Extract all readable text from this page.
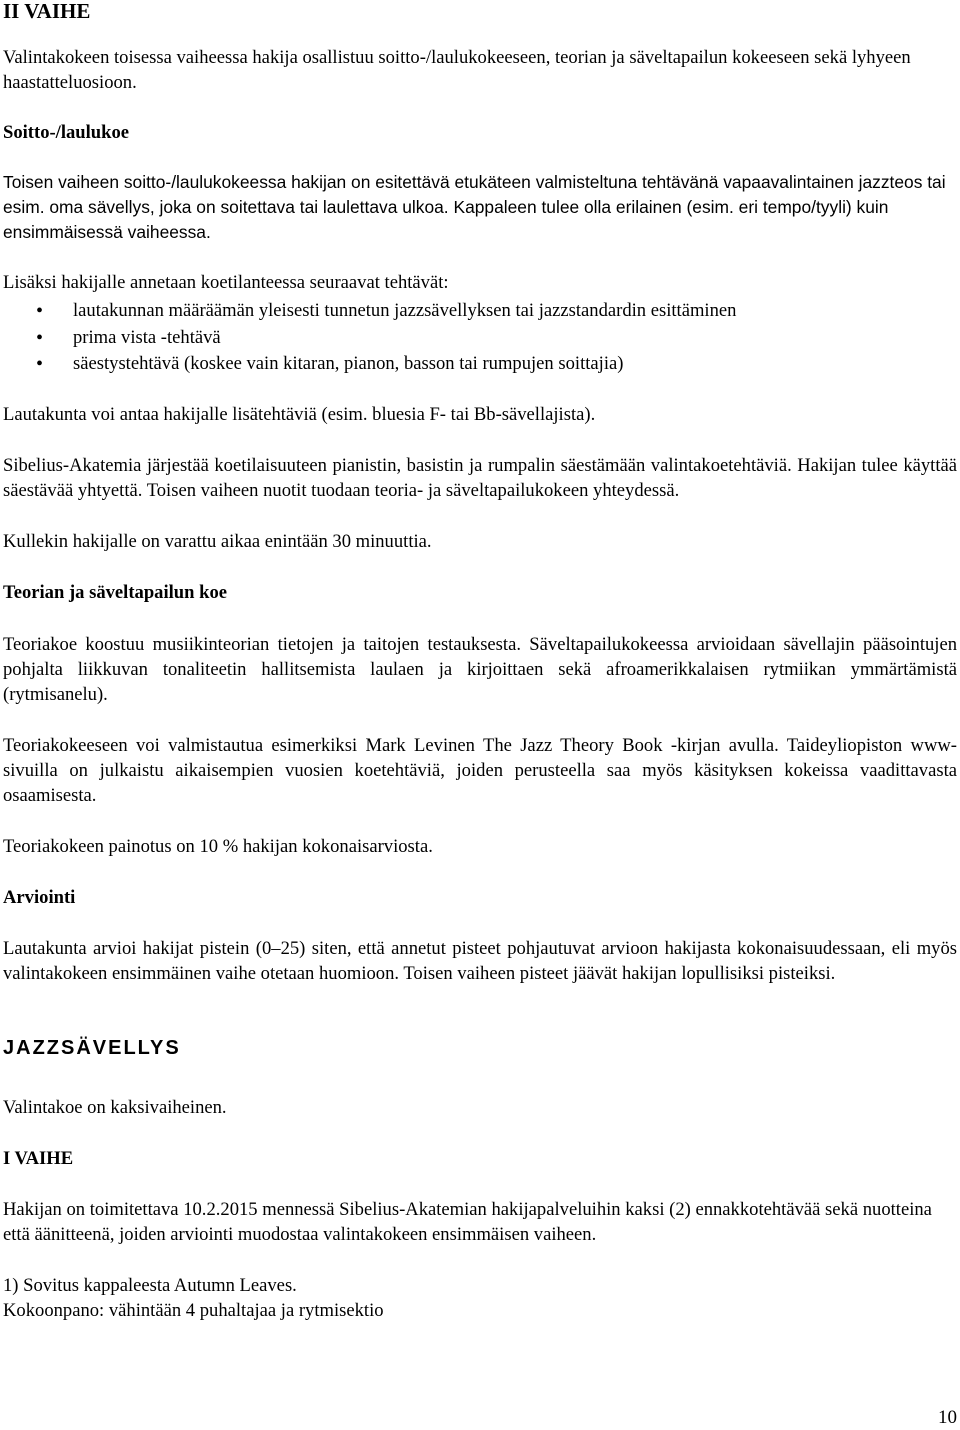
II VAIHE

Valintakokeen toisessa vaiheessa hakija osallistuu soitto-/laulukokeeseen, teorian ja säveltapailun kokeeseen sekä lyhyeen haastatteluosioon.

Soitto-/laulukoe

Toisen vaiheen soitto-/laulukokeessa hakijan on esitettävä etukäteen valmisteltuna tehtävänä vapaavalintainen jazzteos tai esim. oma sävellys, joka on soitettava tai laulettava ulkoa. Kappaleen tulee olla erilainen (esim. eri tempo/tyyli) kuin ensimmäisessä vaiheessa.

Lisäksi hakijalle annetaan koetilanteessa seuraavat tehtävät:

• lautakunnan määräämän yleisesti tunnetun jazzsävellyksen tai jazzstandardin esittäminen
• prima vista -tehtävä
• säestystehtävä (koskee vain kitaran, pianon, basson tai rumpujen soittajia)

Lautakunta voi antaa hakijalle lisätehtäviä (esim. bluesia F- tai Bb-sävellajista).

Sibelius-Akatemia järjestää koetilaisuuteen pianistin, basistin ja rumpalin säestämään valintakoetehtäviä. Hakijan tulee käyttää säestävää yhtyettä. Toisen vaiheen nuotit tuodaan teoria- ja säveltapailukokeen yhteydessä.

Kullekin hakijalle on varattu aikaa enintään 30 minuuttia.

Teorian ja säveltapailun koe

Teoriakoe koostuu musiikinteorian tietojen ja taitojen testauksesta. Säveltapailukokeessa arvioidaan sävellajin pääsointujen pohjalta liikkuvan tonaliteetin hallitsemista laulaen ja kirjoittaen sekä afroamerikkalaisen rytmiikan ymmärtämistä (rytmisanelu).

Teoriakokeeseen voi valmistautua esimerkiksi Mark Levinen The Jazz Theory Book -kirjan avulla. Taideyliopiston www-sivuilla on julkaistu aikaisempien vuosien koetehtäviä, joiden perusteella saa myös käsityksen kokeissa vaadittavasta osaamisesta.

Teoriakokeen painotus on 10 % hakijan kokonaisarviosta.

Arviointi

Lautakunta arvioi hakijat pistein (0–25) siten, että annetut pisteet pohjautuvat arvioon hakijasta kokonaisuudessaan, eli myös valintakokeen ensimmäinen vaihe otetaan huomioon. Toisen vaiheen pisteet jäävät hakijan lopullisiksi pisteiksi.

JAZZSÄVELLYS

Valintakoe on kaksivaiheinen.

I VAIHE

Hakijan on toimitettava 10.2.2015 mennessä Sibelius-Akatemian hakijapalveluihin kaksi (2) ennakkotehtävää sekä nuotteina että äänitteenä, joiden arviointi muodostaa valintakokeen ensimmäisen vaiheen.

1) Sovitus kappaleesta Autumn Leaves.

Kokoonpano: vähintään 4 puhaltajaa ja rytmisektio

10
